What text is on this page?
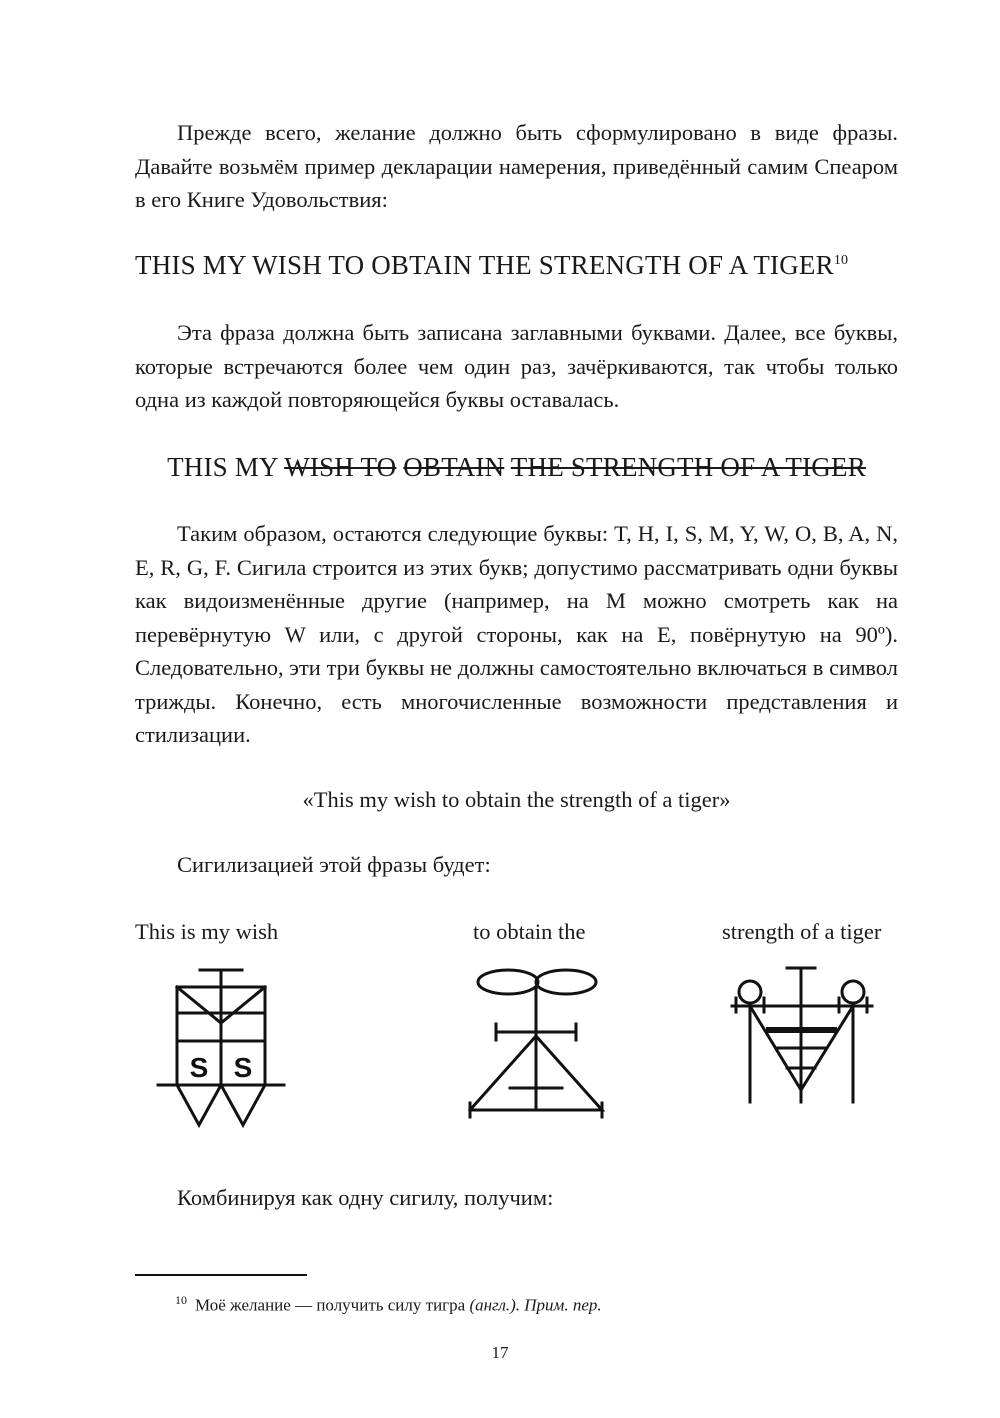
Прежде всего, желание должно быть сформулировано в виде фразы. Давайте возьмём пример декларации намерения, приведённый самим Спеаром в его Книге Удовольствия:
THIS MY WISH TO OBTAIN THE STRENGTH OF A TIGER$^{10}$
Эта фраза должна быть записана заглавными буквами. Далее, все буквы, которые встречаются более чем один раз, зачёркиваются, так чтобы только одна из каждой повторяющейся буквы оставалась.
THIS MY WISH TO OBTAIN THE STRENGTH OF A TIGER
Таким образом, остаются следующие буквы: T, H, I, S, M, Y, W, O, B, A, N, E, R, G, F. Сигила строится из этих букв; допустимо рассматривать одни буквы как видоизменённые другие (например, на М можно смотреть как на перевёрнутую W или, с другой стороны, как на E, повёрнутую на 90º). Следовательно, эти три буквы не должны самостоятельно включаться в символ трижды. Конечно, есть многочисленные возможности представления и стилизации.
«This my wish to obtain the strength of a tiger»
Сигилизацией этой фразы будет:
This is my wish	to obtain the	strength of a tiger
S S
Комбинируя как одну сигилу, получим:
$^{10}$ Моё желание — получить силу тигра (англ.). Прим. пер.
17
